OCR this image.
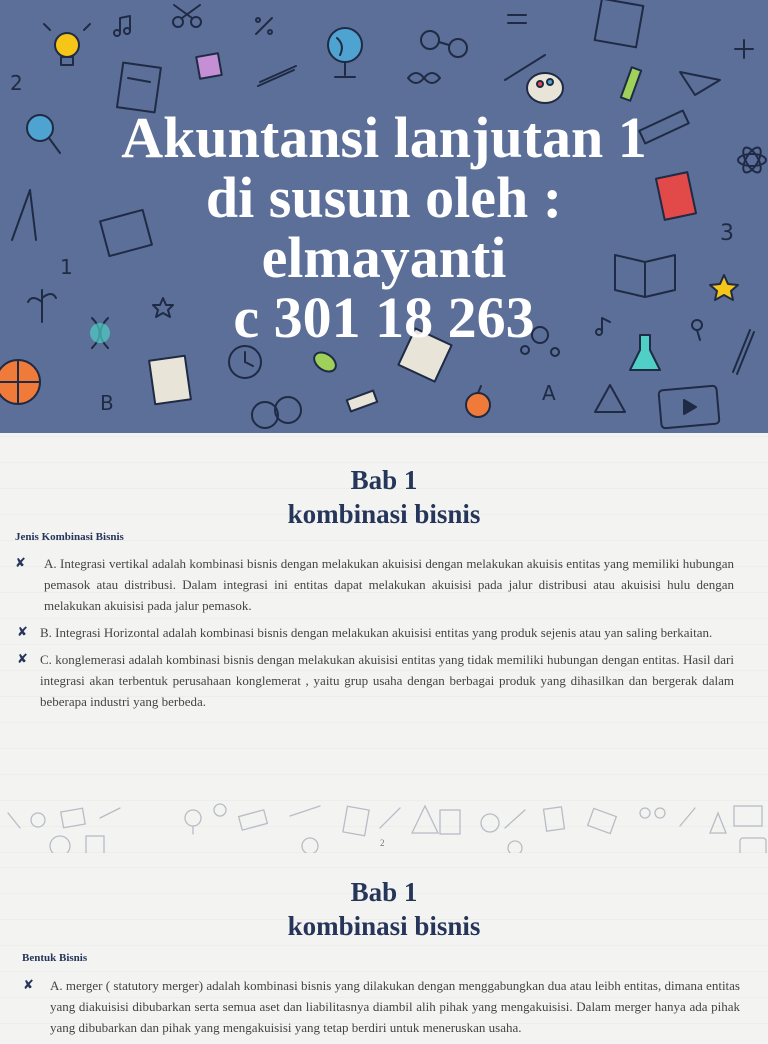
2
3
1
B	A
Akuntansi lanjutan 1
di susun oleh :
elmayanti
c 301 18 263
Bab 1
kombinasi bisnis
Jenis Kombinasi Bisnis
✘ A. Integrasi vertikal adalah kombinasi bisnis dengan melakukan akuisisi dengan melakukan akuisis entitas yang memiliki hubungan pemasok atau distribusi. Dalam integrasi ini entitas dapat melakukan akuisisi pada jalur distribusi atau akuisisi hulu dengan melakukan akuisisi pada jalur pemasok.
✘ B. Integrasi Horizontal adalah kombinasi bisnis dengan melakukan akuisisi entitas yang produk sejenis atau yan saling berkaitan.
✘ C. konglemerasi adalah kombinasi bisnis dengan melakukan akuisisi entitas yang tidak memiliki hubungan dengan entitas. Hasil dari integrasi akan terbentuk perusahaan konglemerat , yaitu grup usaha dengan berbagai produk yang dihasilkan dan bergerak dalam beberapa industri yang berbeda.
2
Bab 1
kombinasi bisnis
Bentuk Bisnis
✘ A. merger ( statutory merger) adalah kombinasi bisnis yang dilakukan dengan menggabungkan dua atau leibh entitas, dimana entitas yang diakuisisi dibubarkan serta semua aset dan liabilitasnya diambil alih pihak yang mengakuisisi. Dalam merger hanya ada pihak yang dibubarkan dan pihak yang mengakuisisi yang tetap berdiri untuk meneruskan usaha.
